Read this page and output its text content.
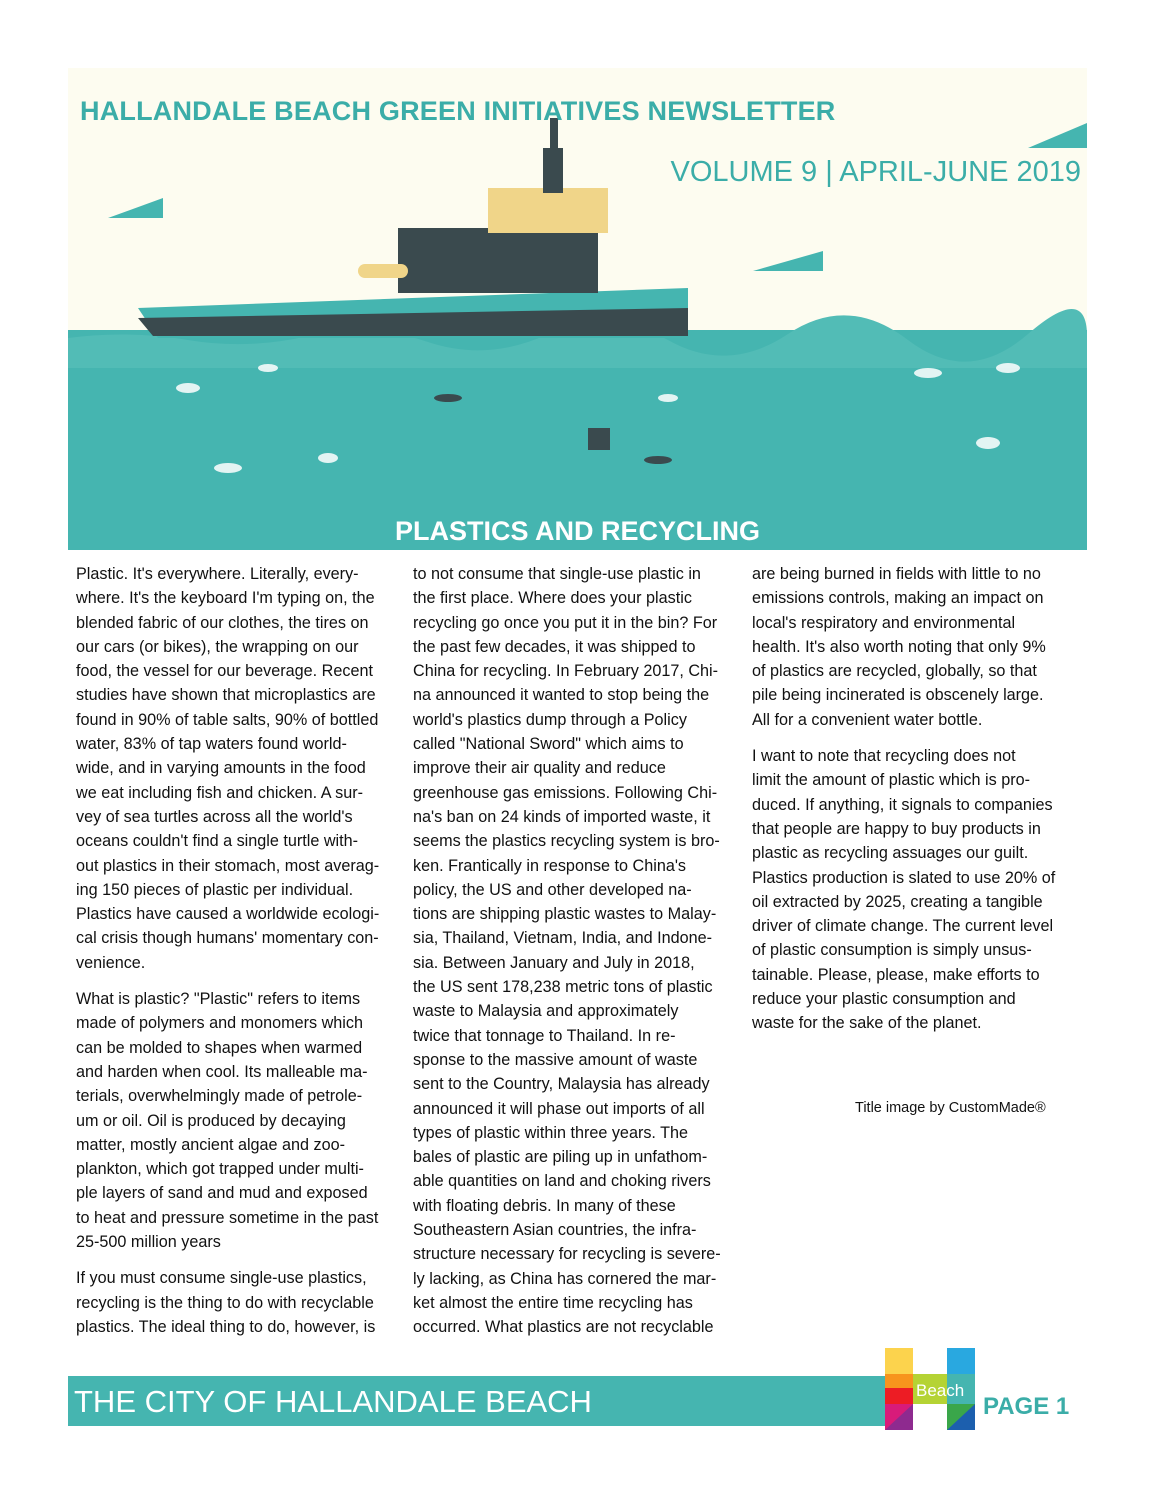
HALLANDALE BEACH GREEN INITIATIVES NEWSLETTER
VOLUME 9 | APRIL-JUNE 2019
PLASTICS AND RECYCLING

Plastic. It's everywhere. Literally, every-
where. It's the keyboard I'm typing on, the
blended fabric of our clothes, the tires on
our cars (or bikes), the wrapping on our
food, the vessel for our beverage. Recent
studies have shown that microplastics are
found in 90% of table salts, 90% of bottled
water, 83% of tap waters found world-
wide, and in varying amounts in the food
we eat including fish and chicken. A sur-
vey of sea turtles across all the world's
oceans couldn't find a single turtle with-
out plastics in their stomach, most averag-
ing 150 pieces of plastic per individual.
Plastics have caused a worldwide ecologi-
cal crisis though humans' momentary con-
venience.

What is plastic? "Plastic" refers to items
made of polymers and monomers which
can be molded to shapes when warmed
and harden when cool. Its malleable ma-
terials, overwhelmingly made of petrole-
um or oil. Oil is produced by decaying
matter, mostly ancient algae and zoo-
plankton, which got trapped under multi-
ple layers of sand and mud and exposed
to heat and pressure sometime in the past
25-500 million years

If you must consume single-use plastics,
recycling is the thing to do with recyclable
plastics. The ideal thing to do, however, is

to not consume that single-use plastic in
the first place. Where does your plastic
recycling go once you put it in the bin? For
the past few decades, it was shipped to
China for recycling. In February 2017, Chi-
na announced it wanted to stop being the
world's plastics dump through a Policy
called "National Sword" which aims to
improve their air quality and reduce
greenhouse gas emissions. Following Chi-
na's ban on 24 kinds of imported waste, it
seems the plastics recycling system is bro-
ken. Frantically in response to China's
policy, the US and other developed na-
tions are shipping plastic wastes to Malay-
sia, Thailand, Vietnam, India, and Indone-
sia. Between January and July in 2018,
the US sent 178,238 metric tons of plastic
waste to Malaysia and approximately
twice that tonnage to Thailand. In re-
sponse to the massive amount of waste
sent to the Country, Malaysia has already
announced it will phase out imports of all
types of plastic within three years. The
bales of plastic are piling up in unfathom-
able quantities on land and choking rivers
with floating debris. In many of these
Southeastern Asian countries, the infra-
structure necessary for recycling is severe-
ly lacking, as China has cornered the mar-
ket almost the entire time recycling has
occurred. What plastics are not recyclable

are being burned in fields with little to no
emissions controls, making an impact on
local's respiratory and environmental
health. It's also worth noting that only 9%
of plastics are recycled, globally, so that
pile being incinerated is obscenely large.
All for a convenient water bottle.

I want to note that recycling does not
limit the amount of plastic which is pro-
duced. If anything, it signals to companies
that people are happy to buy products in
plastic as recycling assuages our guilt.
Plastics production is slated to use 20% of
oil extracted by 2025, creating a tangible
driver of climate change. The current level
of plastic consumption is simply unsus-
tainable. Please, please, make efforts to
reduce your plastic consumption and
waste for the sake of the planet.

Title image by CustomMade®
THE CITY OF HALLANDALE BEACH	Beach
PAGE 1
